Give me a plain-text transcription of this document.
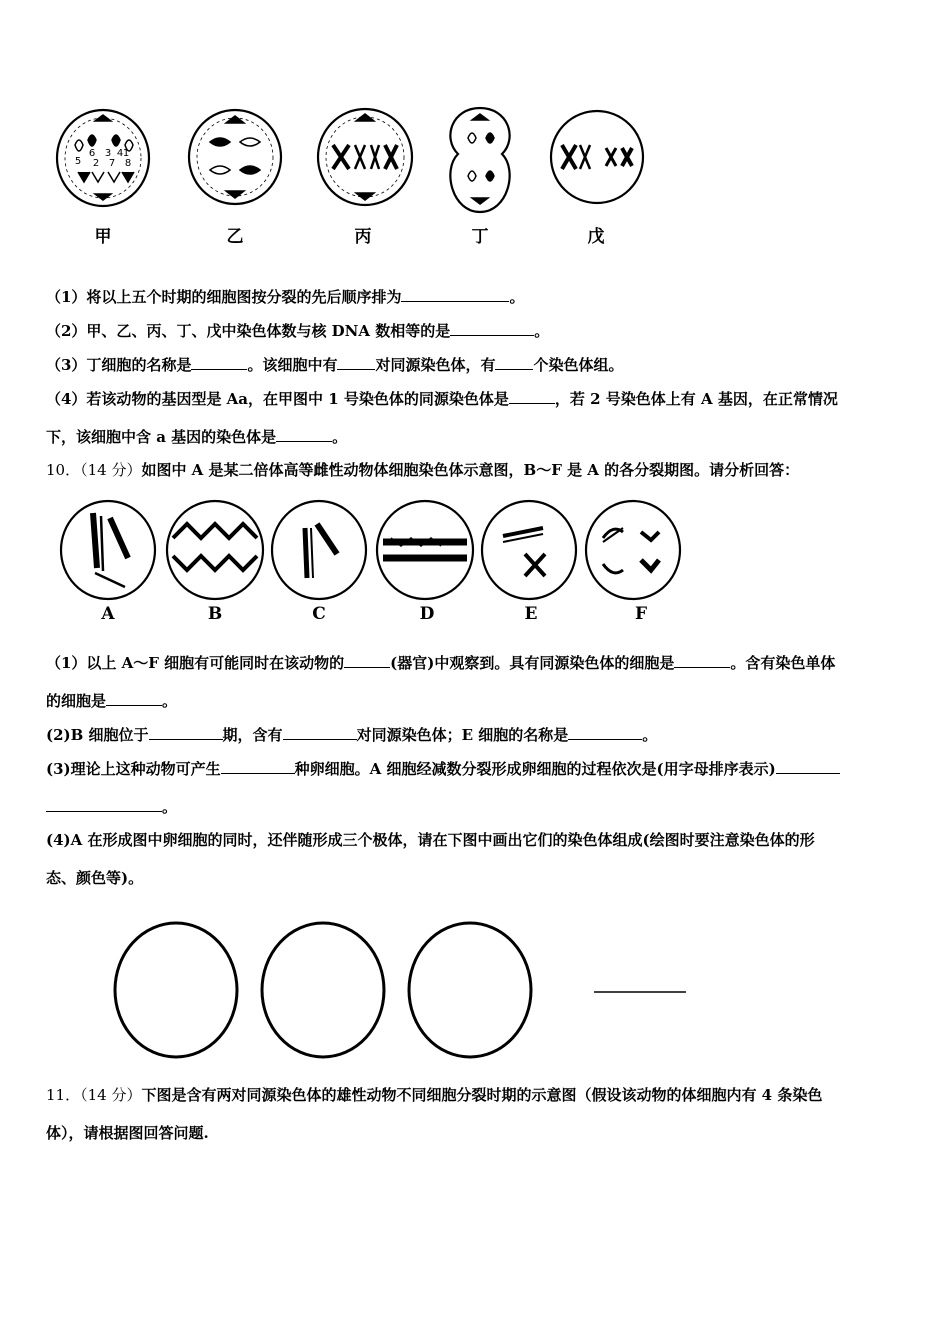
5
6
2
3
7
4 1
8
甲	乙	丙	丁	戊
（1）将以上五个时期的细胞图按分裂的先后顺序排为	。
（2）甲、乙、丙、丁、戊中染色体数与核 DNA 数相等的是	。
（3）丁细胞的名称是	。该细胞中有	对同源染色体，有	个染色体组。
（4）若该动物的基因型是 Aa，在甲图中 1 号染色体的同源染色体是	，若 2 号染色体上有 A 基因，在正常情况
下，该细胞中含 a 基因的染色体是	。
10．（14 分）如图中 A 是某二倍体高等雌性动物体细胞染色体示意图，B～F 是 A 的各分裂期图。请分析回答：
A	B	C	D	E	F
（1）以上 A～F 细胞有可能同时在该动物的	(器官)中观察到。具有同源染色体的细胞是	。含有染色单体
的细胞是	。
(2)B 细胞位于	期，含有	对同源染色体；E 细胞的名称是	。
(3)理论上这种动物可产生	种卵细胞。A 细胞经减数分裂形成卵细胞的过程依次是(用字母排序表示)
。
(4)A 在形成图中卵细胞的同时，还伴随形成三个极体，请在下图中画出它们的染色体组成(绘图时要注意染色体的形
态、颜色等)。
11．（14 分）下图是含有两对同源染色体的雄性动物不同细胞分裂时期的示意图（假设该动物的体细胞内有 4 条染色
体），请根据图回答问题.
